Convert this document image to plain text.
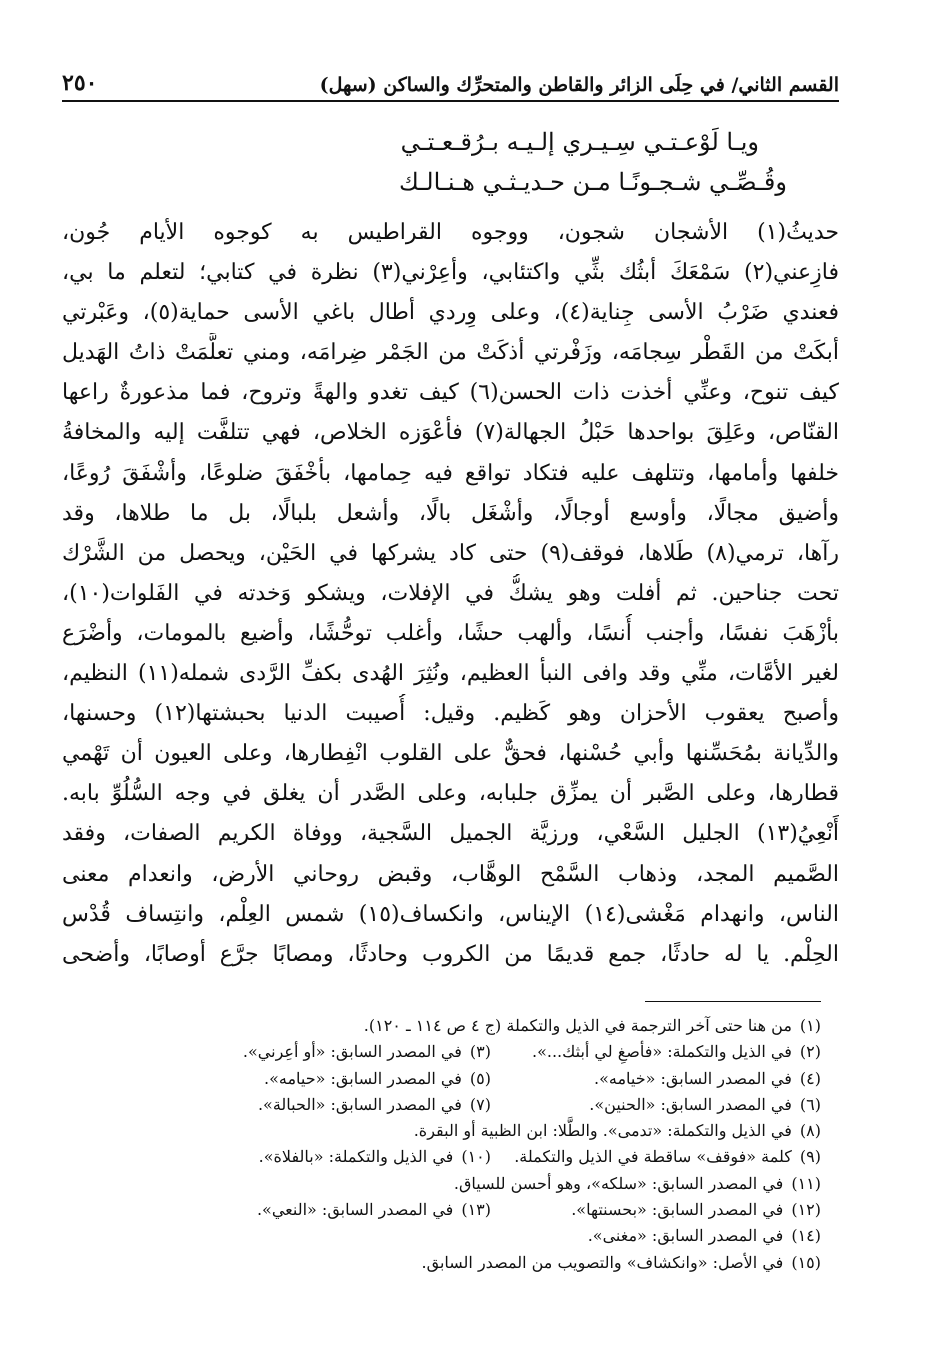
القسم الثاني/ في حِلَى الزائر والقاطن والمتحرِّك والساكن (سهل)
٢٥٠
ويـا لَوْعـتـي سِـيـري إلـيـه بـرُقـعـتـي
وقُـصِّـي شـجـونًـا مـن حـديـثـي هـنـالـك
حديثُ(١) الأشجان شجون، ووجوه القراطيس به كوجوه الأيام جُون،
فازِعني(٢) سَمْعَكَ أبثُك بثِّي واكتئابي، وأعِرْني(٣) نظرة في كتابي؛ لتعلم ما بي،
فعندي ضَرْبُ الأسى جِناية(٤)، وعلى وِردي أطال باغي الأسى حماية(٥)، وعَبْرتي
أبكَتْ من القَطْر سِجامَه، وزَفْرتي أذكَتْ من الجَمْر ضِرامَه، ومني تعلَّمَتْ ذاتُ الهَديل
كيف تنوح، وعنِّي أخذت ذات الحسن(٦) كيف تغدو والهةً وتروح، فما مذعورةٌ راعها
القنّاص، وعَلِقَ بواحدها حَبْلُ الجهالة(٧) فأعْوَزه الخلاص، فهي تتلفَّت إليه والمخافةُ
خلفها وأمامها، وتتلهف عليه فتكاد تواقع فيه حِمامها، بأخْفَقَ ضلوعًا، وأشْفَقَ رُوعًا،
وأضيق مجالًا، وأوسع أوجالًا، وأشْغَل بالًا، وأشعل بلبالًا، بل ما طلاها، وقد
رآها، ترمي(٨) طَلاها، فوقف(٩) حتى كاد يشركها في الحَيْن، ويحصل من الشَّرْك
تحت جناحين. ثم أفلت وهو يشكُّ في الإفلات، ويشكو وَخدته في الفَلوات(١٠)،
بأزْهَبَ نفسًا، وأجنب أُنسًا، وألهب حشًا، وأغلب توحُّشًا، وأضيع بالمومات، وأضْرَع
لغير الأمَّات، منِّي وقد وافى النبأ العظيم، ونُثِرَ الهُدى بكفِّ الرَّدى شمله(١١) النظيم،
وأصبح يعقوب الأحزان وهو كَظيم. وقيل: أُصيبت الدنيا بحبشتها(١٢) وحسنها،
والدِّيانة بمُحَسِّنها وأبي حُسْنها، فحقٌّ على القلوب انْفِطارها، وعلى العيون أن تَهْمي
قطارها، وعلى الصَّبر أن يمزِّق جلبابه، وعلى الصَّدر أن يغلق في وجه السُّلُوِّ بابه.
أَنْعِيُ(١٣) الجليل السَّعْي، ورزيَّة الجميل السَّجية، ووفاة الكريم الصفات، وفقد
الصَّميم المجد، وذهاب السَّمْح الوهَّاب، وقبض روحاني الأرض، وانعدام معنى
الناس، وانهدام مَغْشى(١٤) الإيناس، وانكساف(١٥) شمس العِلْم، وانتِساف قُدْس
الحِلْم. يا له حادثًا، جمع قديمًا من الكروب وحادثًا، ومصابًا جرَّع أوصابًا، وأضحى
(١)
من هنا حتى آخر الترجمة في الذيل والتكملة (ج ٤ ص ١١٤ ـ ١٢٠).
(٢)
في الذيل والتكملة: «فأصغِ لي أبثك...».
(٣)
في المصدر السابق: «أو أعِرني».
(٤)
في المصدر السابق: «خيامه».
(٥)
في المصدر السابق: «حيامه».
(٦)
في المصدر السابق: «الحنين».
(٧)
في المصدر السابق: «الحبالة».
(٨)
في الذيل والتكملة: «تدمى». والطَّلا: ابن الظبية أو البقرة.
(٩)
كلمة «فوقف» ساقطة في الذيل والتكملة.
(١٠)
في الذيل والتكملة: «بالفلاة».
(١١)
في المصدر السابق: «سلكه»، وهو أحسن للسياق.
(١٢)
في المصدر السابق: «بحسنتها».
(١٣)
في المصدر السابق: «النعي».
(١٤)
في المصدر السابق: «مغنى».
(١٥)
في الأصل: «وانكشاف» والتصويب من المصدر السابق.
